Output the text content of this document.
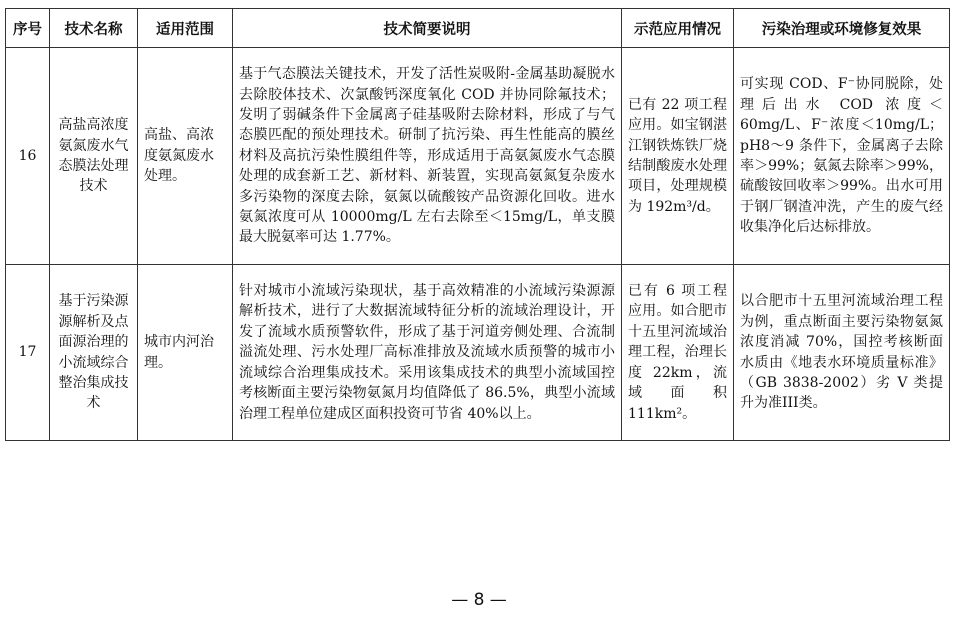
序号	技术名称	适用范围	技术简要说明	示范应用情况	污染治理或环境修复效果
16	高盐高浓度氨氮废水气态膜法处理技术	高盐、高浓度氨氮废水处理。	基于气态膜法关键技术，开发了活性炭吸附-金属基助凝脱水去除胶体技术、次氯酸钙深度氧化 COD 并协同除氟技术；发明了弱碱条件下金属离子硅基吸附去除材料，形成了与气态膜匹配的预处理技术。研制了抗污染、再生性能高的膜丝材料及高抗污染性膜组件等，形成适用于高氨氮废水气态膜处理的成套新工艺、新材料、新装置，实现高氨氮复杂废水多污染物的深度去除，氨氮以硫酸铵产品资源化回收。进水氨氮浓度可从 10000mg/L 左右去除至＜15mg/L，单支膜最大脱氨率可达 1.77%。	已有 22 项工程应用。如宝钢湛江钢铁炼铁厂烧结制酸废水处理项目，处理规模为 192m³/d。	可实现 COD、F⁻协同脱除，处理后出水 COD 浓度＜60mg/L、F⁻浓度＜10mg/L；pH8～9 条件下，金属离子去除率＞99%；氨氮去除率＞99%，硫酸铵回收率＞99%。出水可用于钢厂钢渣冲洗，产生的废气经收集净化后达标排放。
17	基于污染源源解析及点面源治理的小流域综合整治集成技术	城市内河治理。	针对城市小流域污染现状，基于高效精准的小流域污染源源解析技术，进行了大数据流域特征分析的流域治理设计，开发了流域水质预警软件，形成了基于河道旁侧处理、合流制溢流处理、污水处理厂高标准排放及流域水质预警的城市小流域综合治理集成技术。采用该集成技术的典型小流域国控考核断面主要污染物氨氮月均值降低了 86.5%，典型小流域治理工程单位建成区面积投资可节省 40%以上。	已有 6 项工程应用。如合肥市十五里河流域治理工程，治理长度 22km，流域面积 111km²。	以合肥市十五里河流域治理工程为例，重点断面主要污染物氨氮浓度消减 70%，国控考核断面水质由《地表水环境质量标准》（GB 3838-2002）劣 V 类提升为准III类。
— 8 —
